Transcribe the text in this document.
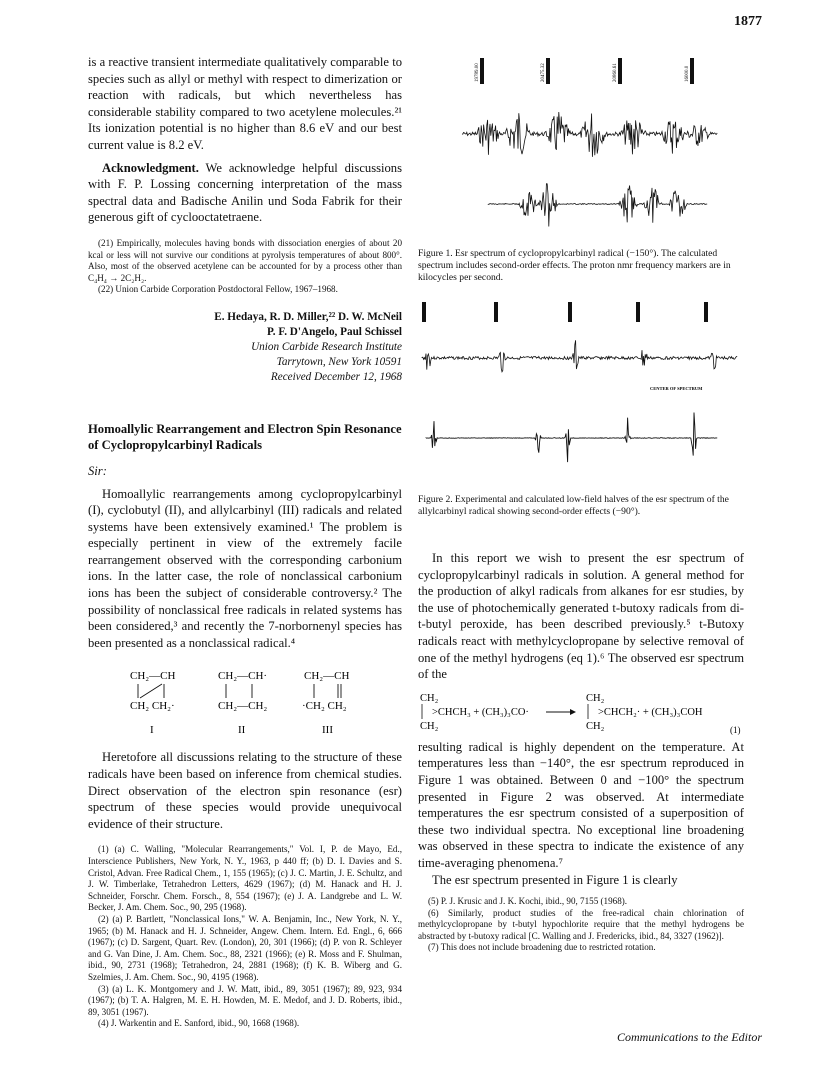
1877

is a reactive transient intermediate qualitatively comparable to species such as allyl or methyl with respect to dimerization or reaction with radicals, but which nevertheless has considerable stability compared to two acetylene molecules.²¹ Its ionization potential is no higher than 8.6 eV and our best current value is 8.2 eV.

Acknowledgment. We acknowledge helpful discussions with F. P. Lossing concerning interpretation of the mass spectral data and Badische Anilin und Soda Fabrik for their generous gift of cyclooctatetraene.

(21) Empirically, molecules having bonds with dissociation energies of about 20 kcal or less will not survive our conditions at pyrolysis temperatures of about 800°. Also, most of the observed acetylene can be accounted for by a process other than C₄H₄ → 2C₂H₂.

(22) Union Carbide Corporation Postdoctoral Fellow, 1967–1968.

E. Hedaya, R. D. Miller,²² D. W. McNeil
P. F. D'Angelo, Paul Schissel
Union Carbide Research Institute
Tarrytown, New York 10591
Received December 12, 1968
Homoallylic Rearrangement and Electron Spin Resonance of Cyclopropylcarbinyl Radicals
Sir:

Homoallylic rearrangements among cyclopropylcarbinyl (I), cyclobutyl (II), and allylcarbinyl (III) radicals and related systems have been extensively examined.¹ The problem is especially pertinent in view of the extremely facile rearrangement observed with the corresponding carbonium ions. In the latter case, the role of nonclassical carbonium ions has been the subject of considerable controversy.² The possibility of nonclassical free radicals in related systems has been considered,³ and recently the 7-norbornenyl species has been presented as a nonclassical radical.⁴

CH₂—CH
CH₂ CH₂·
I
CH₂—CH·
CH₂—CH₂
II
CH₂—CH
·CH₂ CH₂
III

Heretofore all discussions relating to the structure of these radicals have been based on inference from chemical studies. Direct observation of the electron spin resonance (esr) spectrum of these species would provide unequivocal evidence of their structure.

(1) (a) C. Walling, "Molecular Rearrangements," Vol. I, P. de Mayo, Ed., Interscience Publishers, New York, N. Y., 1963, p 440 ff; (b) D. I. Davies and S. Cristol, Advan. Free Radical Chem., 1, 155 (1965); (c) J. C. Martin, J. E. Schultz, and J. W. Timberlake, Tetrahedron Letters, 4629 (1967); (d) M. Hanack and H. J. Schneider, Forschr. Chem. Forsch., 8, 554 (1967); (e) J. A. Landgrebe and L. W. Becker, J. Am. Chem. Soc., 90, 295 (1968).

(2) (a) P. Bartlett, "Nonclassical Ions," W. A. Benjamin, Inc., New York, N. Y., 1965; (b) M. Hanack and H. J. Schneider, Angew. Chem. Intern. Ed. Engl., 6, 666 (1967); (c) D. Sargent, Quart. Rev. (London), 20, 301 (1966); (d) P. von R. Schleyer and G. Van Dine, J. Am. Chem. Soc., 88, 2321 (1966); (e) R. Moss and F. Shulman, ibid., 90, 2731 (1968); Tetrahedron, 24, 2881 (1968); (f) K. B. Wiberg and G. Szelmies, J. Am. Chem. Soc., 90, 4195 (1968).

(3) (a) L. K. Montgomery and J. W. Matt, ibid., 89, 3051 (1967); 89, 923, 934 (1967); (b) T. A. Halgren, M. E. H. Howden, M. E. Medof, and J. D. Roberts, ibid., 89, 3051 (1967).

(4) J. Warkentin and E. Sanford, ibid., 90, 1668 (1968).

19789.00	20475.32	20860.61	16000.0
Figure 1. Esr spectrum of cyclopropylcarbinyl radical (−150°). The calculated spectrum includes second-order effects. The proton nmr frequency markers are in kilocycles per second.
CENTER OF SPECTRUM
Figure 2. Experimental and calculated low-field halves of the esr spectrum of the allylcarbinyl radical showing second-order effects (−90°).

In this report we wish to present the esr spectrum of cyclopropylcarbinyl radicals in solution. A general method for the production of alkyl radicals from alkanes for esr studies, by the use of photochemically generated t-butoxy radicals from di-t-butyl peroxide, has been described previously.⁵ t-Butoxy radicals react with methylcyclopropane by selective removal of one of the methyl hydrogens (eq 1).⁶ The observed esr spectrum of the

CH₂
>CHCH₃ + (CH₃)₃CO·
CH₂
CH₂
>CHCH₂· + (CH₃)₃COH
CH₂	(1)

resulting radical is highly dependent on the temperature. At temperatures less than −140°, the esr spectrum reproduced in Figure 1 was obtained. Between 0 and −100° the spectrum presented in Figure 2 was observed. At intermediate temperatures the esr spectrum consisted of a superposition of these two individual spectra. No exceptional line broadening was observed in these spectra to indicate the existence of any time-averaging phenomena.⁷

The esr spectrum presented in Figure 1 is clearly

(5) P. J. Krusic and J. K. Kochi, ibid., 90, 7155 (1968).

(6) Similarly, product studies of the free-radical chain chlorination of methylcyclopropane by t-butyl hypochlorite require that the methyl hydrogens be abstracted by t-butoxy radical [C. Walling and J. Fredericks, ibid., 84, 3327 (1962)].

(7) This does not include broadening due to restricted rotation.

Communications to the Editor
